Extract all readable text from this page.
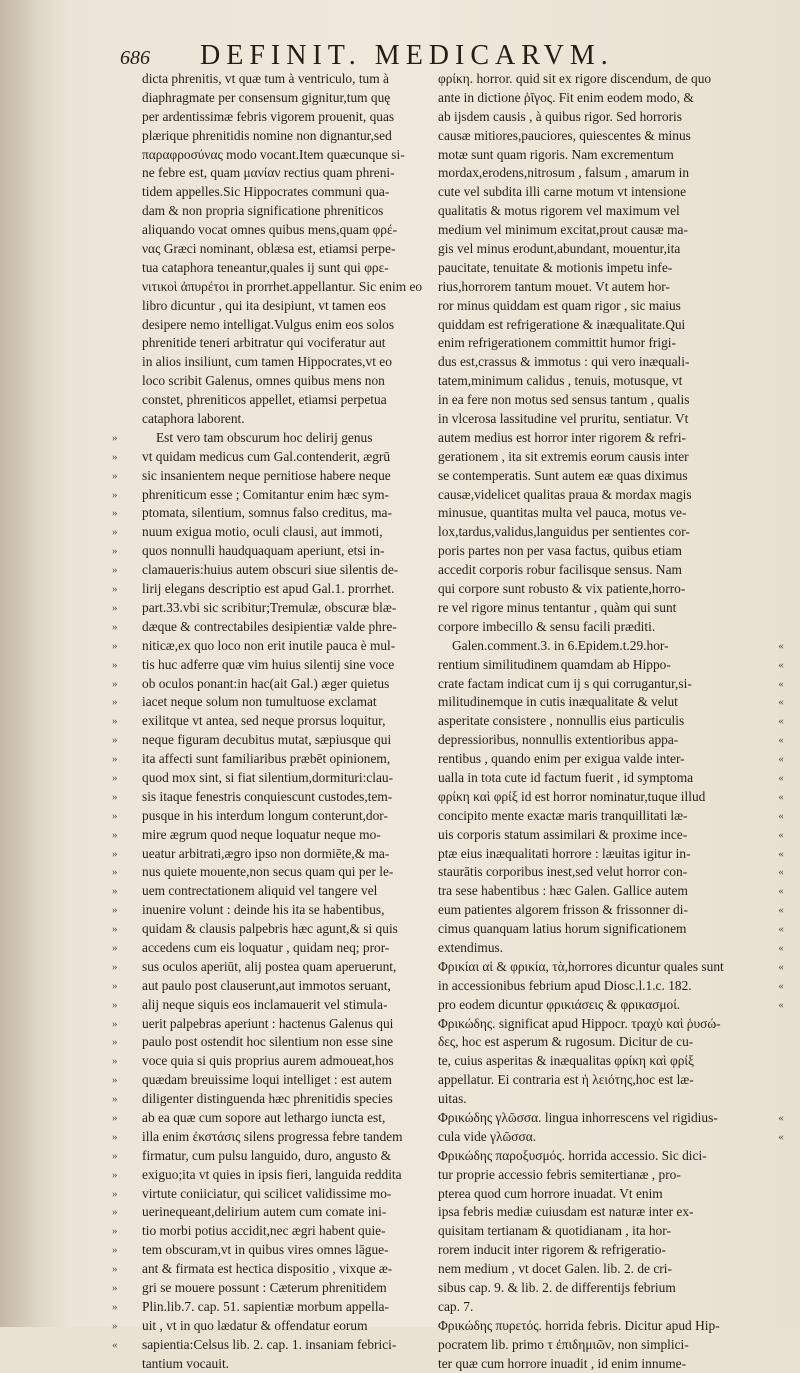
686	DEFINIT. MEDICARVM.
»
»
»
»
»
»
»
»
»
»
»
»
»
»
»
»
»
»
»
»
»
»
»
»
»
»
»
»
»
»
»
»
»
»
»
»
»
»
»
»
»
»
»
»
»
»
»
»
«
dicta phrenitis, vt quæ tum à ventriculo, tum à
diaphragmate per consensum gignitur,tum quę
per ardentissimæ febris vigorem prouenit, quas
plærique phrenitidis nomine non dignantur,sed
παραφροσύνας modo vocant.Item quæcunque si-
ne febre est, quam μανίαν rectius quam phreni-
tidem appelles.Sic Hippocrates communi qua-
dam & non propria significatione phreniticos
aliquando vocat omnes quibus mens,quam φρέ-
νας Græci nominant, oblæsa est, etiamsi perpe-
tua cataphora teneantur,quales ij sunt qui φρε-
νιτικοὶ ἀπυρέτοι in prorrhet.appellantur. Sic enim eo
libro dicuntur , qui ita desipiunt, vt tamen eos
desipere nemo intelligat.Vulgus enim eos solos
phrenitide teneri arbitratur qui vociferatur aut
in alios insiliunt, cum tamen Hippocrates,vt eo
loco scribit Galenus, omnes quibus mens non
constet, phreniticos appellet, etiamsi perpetua
cataphora laborent.
Est vero tam obscurum hoc delirij genus
vt quidam medicus cum Gal.contenderit, ægrū
sic insanientem neque pernitiose habere neque
phreniticum esse ; Comitantur enim hæc sym-
ptomata, silentium, somnus falso creditus, ma-
nuum exigua motio, oculi clausi, aut immoti,
quos nonnulli haudquaquam aperiunt, etsi in-
clamaueris:huius autem obscuri siue silentis de-
lirij elegans descriptio est apud Gal.1. prorrhet.
part.33.vbi sic scribitur;Tremulæ, obscuræ blæ-
dæque & contrectabiles desipientiæ valde phre-
niticæ,ex quo loco non erit inutile pauca è mul-
tis huc adferre quæ vim huius silentij sine voce
ob oculos ponant:in hac(ait Gal.) æger quietus
iacet neque solum non tumultuose exclamat
exilitque vt antea, sed neque prorsus loquitur,
neque figuram decubitus mutat, sæpiusque qui
ita affecti sunt familiaribus præbēt opinionem,
quod mox sint, si fiat silentium,dormituri:clau-
sis itaque fenestris conquiescunt custodes,tem-
pusque in his interdum longum conterunt,dor-
mire ægrum quod neque loquatur neque mo-
ueatur arbitrati,ægro ipso non dormiēte,& ma-
nus quiete mouente,non secus quam qui per le-
uem contrectationem aliquid vel tangere vel
inuenire volunt : deinde his ita se habentibus,
quidam & clausis palpebris hæc agunt,& si quis
accedens cum eis loquatur , quidam neq; pror-
sus oculos aperiūt, alij postea quam aperuerunt,
aut paulo post clauserunt,aut immotos seruant,
alij neque siquis eos inclamauerit vel stimula-
uerit palpebras aperiunt : hactenus Galenus qui
paulo post ostendit hoc silentium non esse sine
voce quia si quis proprius aurem admoueat,hos
quædam breuissime loqui intelliget : est autem
diligenter distinguenda hæc phrenitidis species
ab ea quæ cum sopore aut lethargo iuncta est,
illa enim ἐκστάσις silens progressa febre tandem
firmatur, cum pulsu languido, duro, angusto &
exiguo;ita vt quies in ipsis fieri, languida reddita
virtute coniiciatur, qui scilicet validissime mo-
uerinequeant,delirium autem cum comate ini-
tio morbi potius accidit,nec ægri habent quie-
tem obscuram,vt in quibus vires omnes lāgue-
ant & firmata est hectica dispositio , vixque æ-
gri se mouere possunt : Cæterum phrenitidem
Plin.lib.7. cap. 51. sapientiæ morbum appella-
uit , vt in quo lædatur & offendatur eorum
sapientia:Celsus lib. 2. cap. 1. insaniam febrici-
tantium vocauit.
φρίκη. horror. quid sit ex rigore discendum, de quo
ante in dictione ῥῖγος. Fit enim eodem modo, &
ab ijsdem causis , à quibus rigor. Sed horroris
causæ mitiores,pauciores, quiescentes & minus
motæ sunt quam rigoris. Nam excrementum
mordax,erodens,nitrosum , falsum , amarum in
cute vel subdita illi carne motum vt intensione
qualitatis & motus rigorem vel maximum vel
medium vel minimum excitat,prout causæ ma-
gis vel minus erodunt,abundant, mouentur,ita
paucitate, tenuitate & motionis impetu infe-
rius,horrorem tantum mouet. Vt autem hor-
ror minus quiddam est quam rigor , sic maius
quiddam est refrigeratione & inæqualitate.Qui
enim refrigerationem committit humor frigi-
dus est,crassus & immotus : qui vero inæquali-
tatem,minimum calidus , tenuis, motusque, vt
in ea fere non motus sed sensus tantum , qualis
in vlcerosa lassitudine vel pruritu, sentiatur. Vt
autem medius est horror inter rigorem & refri-
gerationem , ita sit extremis eorum causis inter
se contemperatis. Sunt autem eæ quas diximus
causæ,videlicet qualitas praua & mordax magis
minusue, quantitas multa vel pauca, motus ve-
lox,tardus,validus,languidus per sentientes cor-
poris partes non per vasa factus, quibus etiam
accedit corporis robur facilisque sensus. Nam
qui corpore sunt robusto & vix patiente,horro-
re vel rigore minus tentantur , quàm qui sunt
corpore imbecillo & sensu facili præditi.
Galen.comment.3. in 6.Epidem.t.29.hor-
rentium similitudinem quamdam ab Hippo-
crate factam indicat cum ij s qui corrugantur,si-
militudinemque in cutis inæqualitate & velut
asperitate consistere , nonnullis eius particulis
depressioribus, nonnullis extentioribus appa-
rentibus , quando enim per exigua valde inter-
ualla in tota cute id factum fuerit , id symptoma
φρίκη καὶ φρίξ id est horror nominatur,tuque illud
concipito mente exactæ maris tranquillitati læ-
uis corporis statum assimilari & proxime ince-
ptæ eius inæqualitati horrore : læuitas igitur in-
staurātis corporibus inest,sed velut horror con-
tra sese habentibus : hæc Galen. Gallice autem
eum patientes algorem frisson & frissonner di-
cimus quanquam latius horum significationem
extendimus.
Φρικίαι αἱ & φρικία, τὰ,horrores dicuntur quales sunt
in accessionibus febrium apud Diosc.l.1.c. 182.
pro eodem dicuntur φρικιάσεις & φρικασμοί.
Φρικώδης. significat apud Hippocr. τραχὺ καὶ ῥυσώ-
δες, hoc est asperum & rugosum. Dicitur de cu-
te, cuius asperitas & inæqualitas φρίκη καὶ φρίξ
appellatur. Ei contraria est ἡ λειότης,hoc est læ-
uitas.
Φρικώδης γλῶσσα. lingua inhorrescens vel rigidius-
cula vide γλῶσσα.
Φρικώδης παροξυσμός. horrida accessio. Sic dici-
tur proprie accessio febris semitertianæ , pro-
pterea quod cum horrore inuadat. Vt enim
ipsa febris mediæ cuiusdam est naturæ inter ex-
quisitam tertianam & quotidianam , ita hor-
rorem inducit inter rigorem & refrigeratio-
nem medium , vt docet Galen. lib. 2. de cri-
sibus cap. 9. & lib. 2. de differentijs febrium
cap. 7.
Φρικώδης πυρετός. horrida febris. Dicitur apud Hip-
pocratem lib. primo τ ἐπιδημιῶν, non simplici-
ter quæ cum horrore inuadit , id enim innume-
«
«
«
«
«
«
«
«
«
«
«
«
«
«
«
«
«
«
«
«
«
«
